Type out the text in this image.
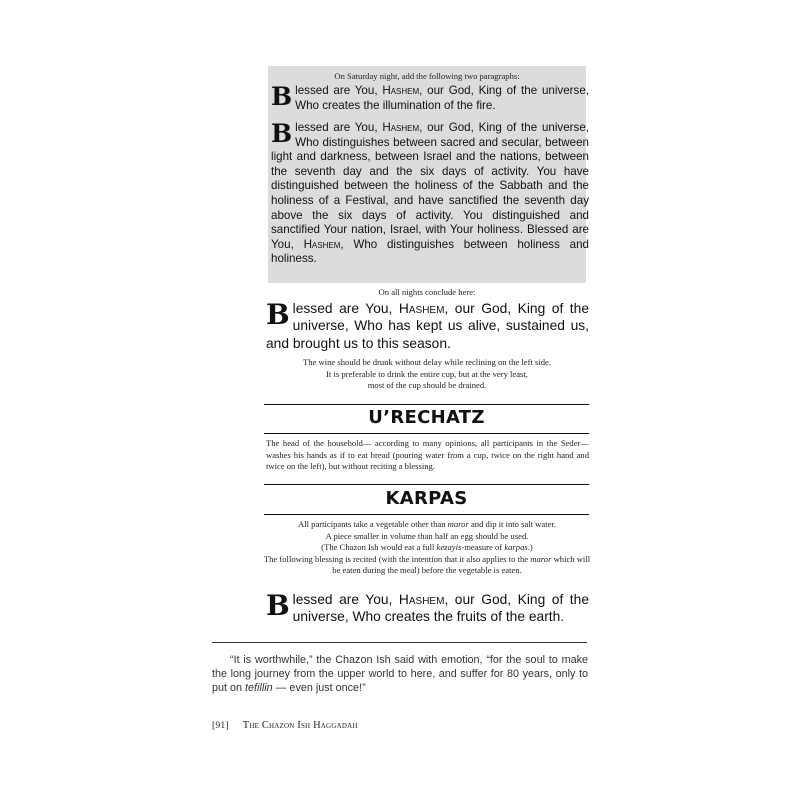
On Saturday night, add the following two paragraphs:
Blessed are You, Hashem, our God, King of the universe, Who creates the illumination of the fire.
Blessed are You, Hashem, our God, King of the universe, Who distinguishes between sacred and secular, between light and darkness, between Israel and the nations, between the seventh day and the six days of activity. You have distinguished between the holiness of the Sabbath and the holiness of a Festival, and have sanctified the seventh day above the six days of activity. You distinguished and sanctified Your nation, Israel, with Your holiness. Blessed are You, Hashem, Who distinguishes between holiness and holiness.
On all nights conclude here:
Blessed are You, Hashem, our God, King of the universe, Who has kept us alive, sustained us, and brought us to this season.
The wine should be drunk without delay while reclining on the left side.
It is preferable to drink the entire cup, but at the very least,
most of the cup should be drained.
U’RECHATZ
The head of the household— according to many opinions, all participants in the Seder— washes his hands as if to eat bread (pouring water from a cup, twice on the right hand and twice on the left), but without reciting a blessing.
KARPAS
All participants take a vegetable other than maror and dip it into salt water.
A piece smaller in volume than half an egg should be used.
(The Chazon Ish would eat a full kezayis-measure of karpas.)
The following blessing is recited (with the intention that it also applies to the maror which will be eaten during the meal) before the vegetable is eaten.
Blessed are You, Hashem, our God, King of the universe, Who creates the fruits of the earth.
“It is worthwhile,” the Chazon Ish said with emotion, “for the soul to make the long journey from the upper world to here, and suffer for 80 years, only to put on tefillin — even just once!”
[91] The Chazon Ish Haggadah
